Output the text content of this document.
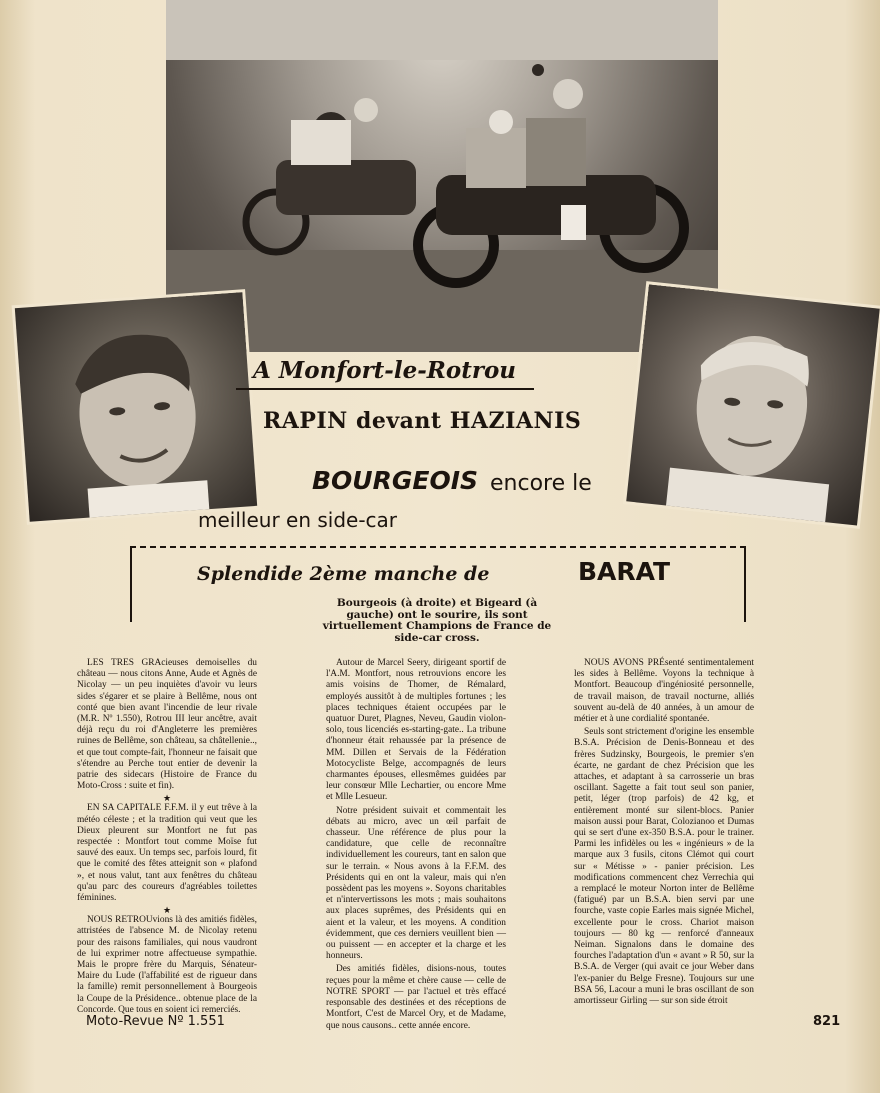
A Monfort-le-Rotrou
RAPIN devant HAZIANIS
BOURGEOIS encore le
meilleur en side-car
Splendide 2ème manche de	BARAT
Bourgeois (à droite) et Bigeard (à gauche) ont le sourire, ils sont virtuellement Champions de France de side-car cross.

LES TRES GRAcieuses demoiselles du château — nous citons Anne, Aude et Agnès de Nicolay — un peu inquiètes d'avoir vu leurs sides s'égarer et se plaire à Bellême, nous ont conté que bien avant l'incendie de leur rivale (M.R. Nº 1.550), Rotrou III leur ancêtre, avait déjà reçu du roi d'Angleterre les premières ruines de Bellême, son château, sa châtellenie.., et que tout compte-fait, l'honneur ne faisait que s'étendre au Perche tout entier de devenir la patrie des sidecars (Histoire de France du Moto-Cross : suite et fin).

★

EN SA CAPITALE F.F.M. il y eut trêve à la météo céleste ; et la tradition qui veut que les Dieux pleurent sur Montfort ne fut pas respectée : Montfort tout comme Moïse fut sauvé des eaux. Un temps sec, parfois lourd, fit que le comité des fêtes atteignit son « plafond », et nous valut, tant aux fenêtres du château qu'au parc des coureurs d'agréables toilettes féminines.

★

NOUS RETROUvions là des amitiés fidèles, attristées de l'absence M. de Nicolay retenu pour des raisons familiales, qui nous vaudront de lui exprimer notre affectueuse sympathie. Mais le propre frère du Marquis, Sénateur-Maire du Lude (l'affabilité est de rigueur dans la famille) remit personnellement à Bourgeois la Coupe de la Présidence.. obtenue place de la Concorde. Que tous en soient ici remerciés.

Autour de Marcel Seery, dirigeant sportif de l'A.M. Montfort, nous retrouvions encore les amis voisins de Thomer, de Rémalard, employés aussitôt à de multiples fortunes ; les places techniques étaient occupées par le quatuor Duret, Plagnes, Neveu, Gaudin violon-solo, tous licenciés es-starting-gate.. La tribune d'honneur était rehaussée par la présence de MM. Dillen et Servais de la Fédération Motocycliste Belge, accompagnés de leurs charmantes épouses, ellesmêmes guidées par leur consœur Mlle Lechartier, ou encore Mme et Mlle Lesueur.

Notre président suivait et commentait les débats au micro, avec un œil parfait de chasseur. Une référence de plus pour la candidature, que celle de reconnaître individuellement les coureurs, tant en salon que sur le terrain. « Nous avons à la F.F.M. des Présidents qui en ont la valeur, mais qui n'en possèdent pas les moyens ». Soyons charitables et n'intervertissons les mots ; mais souhaitons aux places suprêmes, des Présidents qui en aient et la valeur, et les moyens. A condition évidemment, que ces derniers veuillent bien — ou puissent — en accepter et la charge et les honneurs.

Des amitiés fidèles, disions-nous, toutes reçues pour la même et chère cause — celle de NOTRE SPORT — par l'actuel et très effacé responsable des destinées et des réceptions de Montfort, C'est de Marcel Ory, et de Madame, que nous causons.. cette année encore.

NOUS AVONS PRÉsenté sentimentalement les sides à Bellême. Voyons la technique à Montfort. Beaucoup d'ingéniosité personnelle, de travail maison, de travail nocturne, alliés souvent au-delà de 40 années, à un amour de métier et à une cordialité spontanée.

Seuls sont strictement d'origine les ensemble B.S.A. Précision de Denis-Bonneau et des frères Sudzinsky, Bourgeois, le premier s'en écarte, ne gardant de chez Précision que les attaches, et adaptant à sa carrosserie un bras oscillant. Sagette a fait tout seul son panier, petit, léger (trop parfois) de 42 kg, et entièrement monté sur silent-blocs. Panier maison aussi pour Barat, Colozianoo et Dumas qui se sert d'une ex-350 B.S.A. pour le trainer. Parmi les infidèles ou les « ingénieurs » de la marque aux 3 fusils, citons Clémot qui court sur « Métisse » - panier précision. Les modifications commencent chez Verrechia qui a remplacé le moteur Norton inter de Bellême (fatigué) par un B.S.A. bien servi par une fourche, vaste copie Earles mais signée Michel, excellente pour le cross. Chariot maison toujours — 80 kg — renforcé d'anneaux Neiman. Signalons dans le domaine des fourches l'adaptation d'un « avant » R 50, sur la B.S.A. de Verger (qui avait ce jour Weber dans l'ex-panier du Belge Fresne). Toujours sur une BSA 56, Lacour a muni le bras oscillant de son amortisseur Girling — sur son side étroit

Moto-Revue Nº 1.551	821
